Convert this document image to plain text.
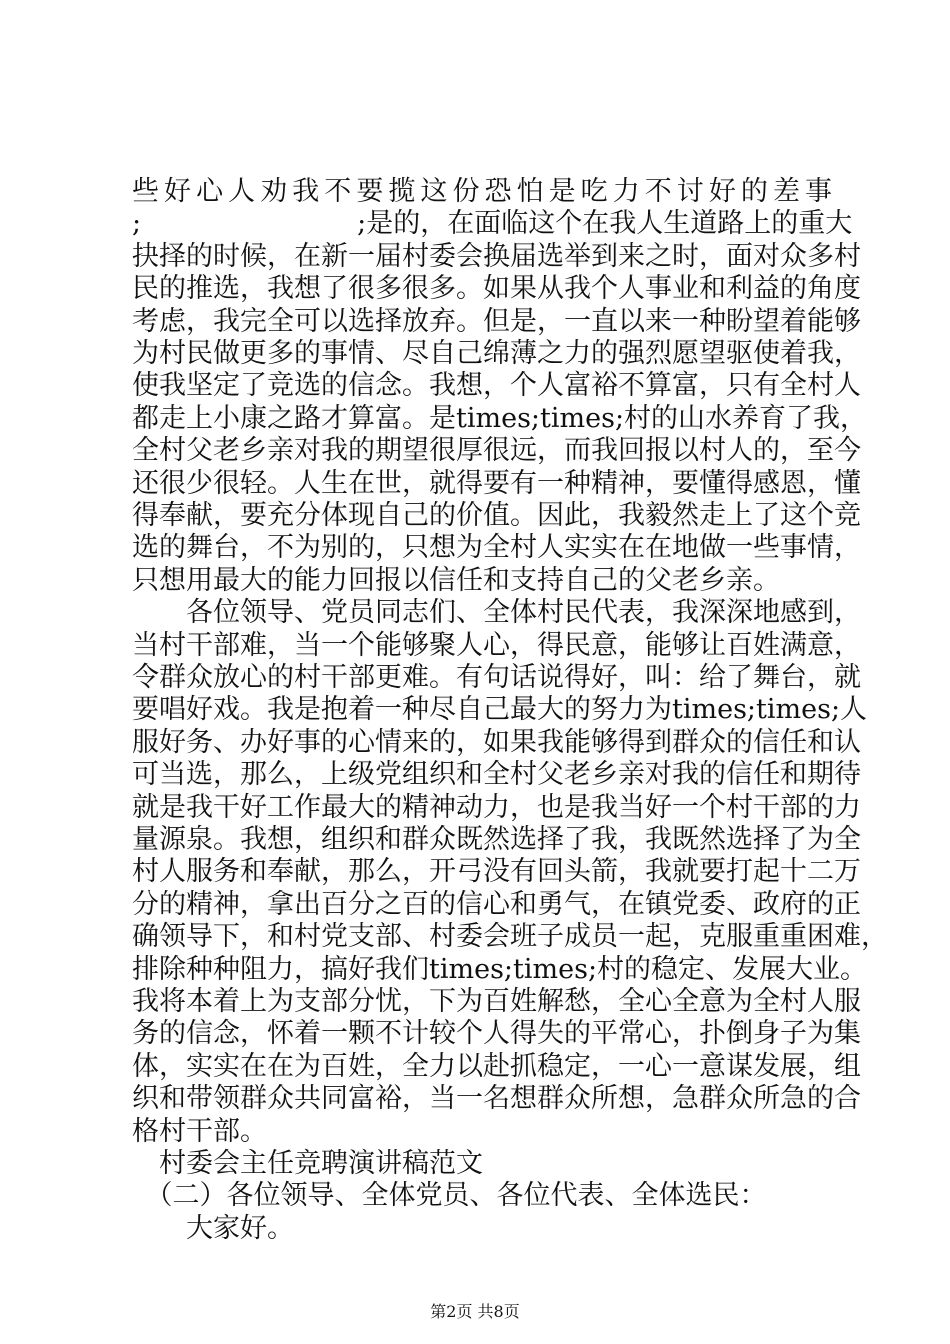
些好心人劝我不要揽这份恐怕是吃力不讨好的差事
;　　　　　　　　;是的，在面临这个在我人生道路上的重大
抉择的时候，在新一届村委会换届选举到来之时，面对众多村
民的推选，我想了很多很多。如果从我个人事业和利益的角度
考虑，我完全可以选择放弃。但是，一直以来一种盼望着能够
为村民做更多的事情、尽自己绵薄之力的强烈愿望驱使着我，
使我坚定了竞选的信念。我想，个人富裕不算富，只有全村人
都走上小康之路才算富。是times;times;村的山水养育了我，
全村父老乡亲对我的期望很厚很远，而我回报以村人的，至今
还很少很轻。人生在世，就得要有一种精神，要懂得感恩，懂
得奉献，要充分体现自己的价值。因此，我毅然走上了这个竞
选的舞台，不为别的，只想为全村人实实在在地做一些事情，
只想用最大的能力回报以信任和支持自己的父老乡亲。
　　各位领导、党员同志们、全体村民代表，我深深地感到，
当村干部难，当一个能够聚人心，得民意，能够让百姓满意，
令群众放心的村干部更难。有句话说得好，叫：给了舞台，就
要唱好戏。我是抱着一种尽自己最大的努力为times;times;人
服好务、办好事的心情来的，如果我能够得到群众的信任和认
可当选，那么，上级党组织和全村父老乡亲对我的信任和期待
就是我干好工作最大的精神动力，也是我当好一个村干部的力
量源泉。我想，组织和群众既然选择了我，我既然选择了为全
村人服务和奉献，那么，开弓没有回头箭，我就要打起十二万
分的精神，拿出百分之百的信心和勇气，在镇党委、政府的正
确领导下，和村党支部、村委会班子成员一起，克服重重困难，
排除种种阻力，搞好我们times;times;村的稳定、发展大业。
我将本着上为支部分忧，下为百姓解愁，全心全意为全村人服
务的信念，怀着一颗不计较个人得失的平常心，扑倒身子为集
体，实实在在为百姓，全力以赴抓稳定，一心一意谋发展，组
织和带领群众共同富裕，当一名想群众所想，急群众所急的合
格村干部。
　村委会主任竞聘演讲稿范文
　（二）各位领导、全体党员、各位代表、全体选民：
　　大家好。
第2页 共8页
